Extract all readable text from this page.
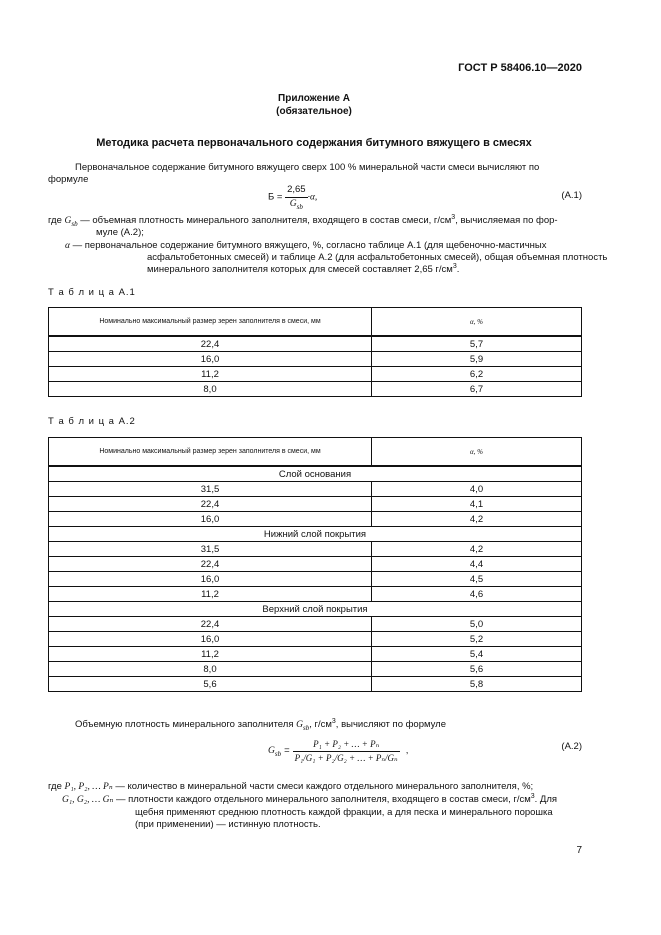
ГОСТ Р 58406.10—2020
Приложение А
(обязательное)
Методика расчета первоначального содержания битумного вяжущего в смесях
Первоначальное содержание битумного вяжущего сверх 100 % минеральной части смеси вычисляют по
формуле
$Б = \frac{2,65}{G_{sb}} \cdot\alpha$,	(А.1)
где $G_{sb}$ — объемная плотность минерального заполнителя, входящего в состав смеси, $г/см^3$, вычисляемая по фор-
муле (А.2);
α — первоначальное содержание битумного вяжущего, %, согласно таблице А.1 (для щебеночно-мастичных
асфальтобетонных смесей) и таблице А.2 (для асфальтобетонных смесей), общая объемная плотность
минерального заполнителя которых для смесей составляет 2,65 $г/см^3$.
Т а б л и ц а А.1
Номинально максимальный размер зерен заполнителя в смеси, мм	α, %
22,4	5,7
16,0	5,9
11,2	6,2
8,0	6,7
Т а б л и ц а А.2
Номинально максимальный размер зерен заполнителя в смеси, мм	α, %
Слой основания	
31,5	4,0
22,4	4,1
16,0	4,2
Нижний слой покрытия	
31,5	4,2
22,4	4,4
16,0	4,5
11,2	4,6
Верхний слой покрытия	
22,4	5,0
16,0	5,2
11,2	5,4
8,0	5,6
5,6	5,8
Объемную плотность минерального заполнителя $G_{sb}$, $г/см^3$, вычисляют по формуле
$G_{sb} = \frac{\text{P₁ + P₂ + … + Pₙ}}{\text{P₁/G₁ + P₂/G₂ + … + Pₙ/Gₙ}}$ ,	(А.2)
где P₁, P₂, … Pₙ — количество в минеральной части смеси каждого отдельного минерального заполнителя, %;
G₁, G₂, … Gₙ — плотности каждого отдельного минерального заполнителя, входящего в состав смеси, $г/см^3$. Для
щебня применяют среднюю плотность каждой фракции, а для песка и минерального порошка
(при применении) — истинную плотность.
7
